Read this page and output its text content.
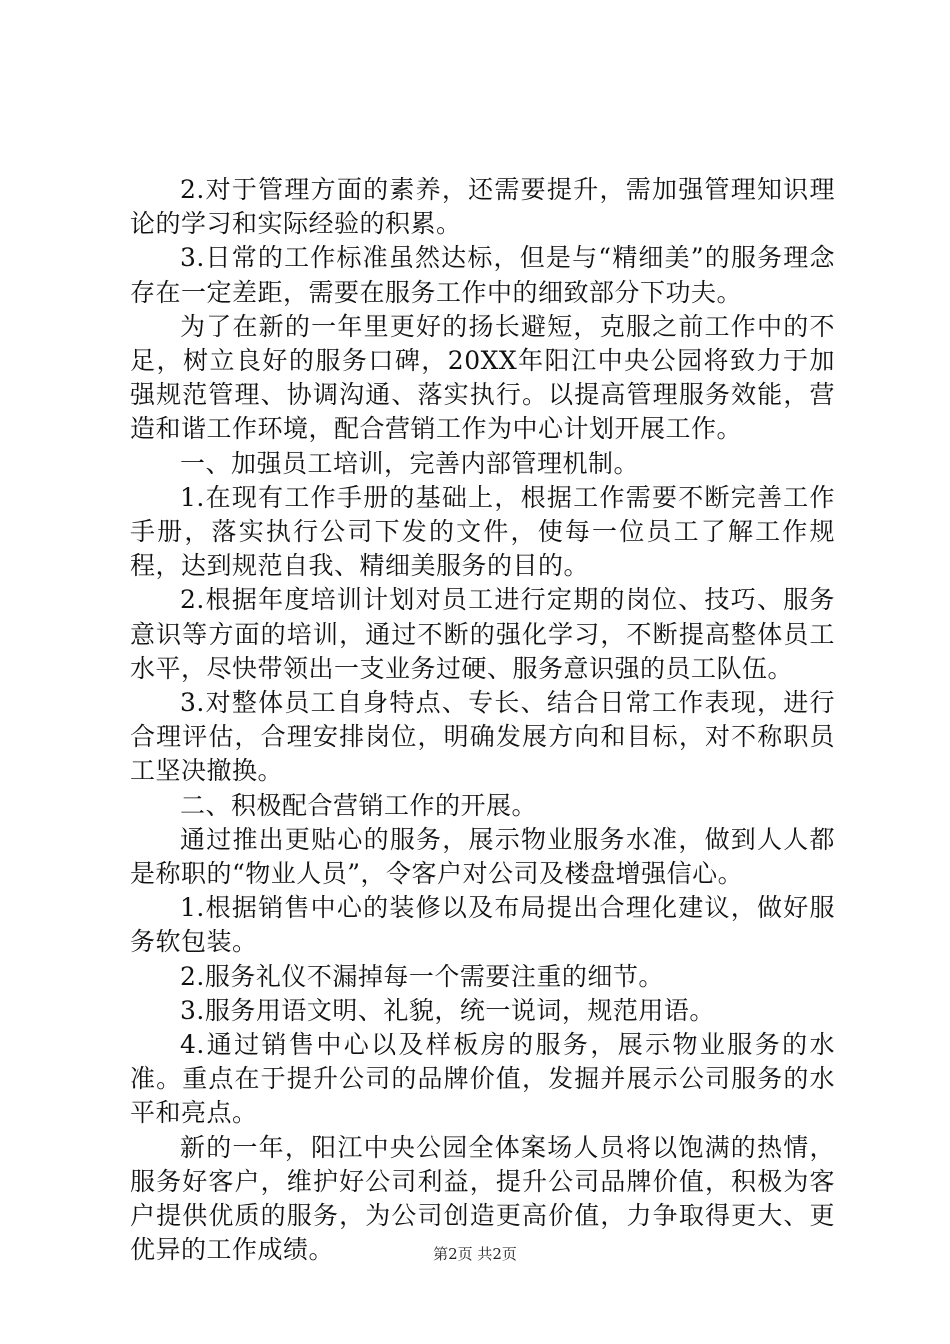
2.对于管理方面的素养，还需要提升，需加强管理知识理论的学习和实际经验的积累。

3.日常的工作标准虽然达标，但是与“精细美”的服务理念存在一定差距，需要在服务工作中的细致部分下功夫。

为了在新的一年里更好的扬长避短，克服之前工作中的不足，树立良好的服务口碑，20XX年阳江中央公园将致力于加强规范管理、协调沟通、落实执行。以提高管理服务效能，营造和谐工作环境，配合营销工作为中心计划开展工作。

一、加强员工培训，完善内部管理机制。

1.在现有工作手册的基础上，根据工作需要不断完善工作手册，落实执行公司下发的文件，使每一位员工了解工作规程，达到规范自我、精细美服务的目的。

2.根据年度培训计划对员工进行定期的岗位、技巧、服务意识等方面的培训，通过不断的强化学习，不断提高整体员工水平，尽快带领出一支业务过硬、服务意识强的员工队伍。

3.对整体员工自身特点、专长、结合日常工作表现，进行合理评估，合理安排岗位，明确发展方向和目标，对不称职员工坚决撤换。

二、积极配合营销工作的开展。

通过推出更贴心的服务，展示物业服务水准，做到人人都是称职的“物业人员”，令客户对公司及楼盘增强信心。

1.根据销售中心的装修以及布局提出合理化建议，做好服务软包装。

2.服务礼仪不漏掉每一个需要注重的细节。

3.服务用语文明、礼貌，统一说词，规范用语。

4.通过销售中心以及样板房的服务，展示物业服务的水准。重点在于提升公司的品牌价值，发掘并展示公司服务的水平和亮点。

新的一年，阳江中央公园全体案场人员将以饱满的热情，服务好客户，维护好公司利益，提升公司品牌价值，积极为客户提供优质的服务，为公司创造更高价值，力争取得更大、更优异的工作成绩。	第2页 共2页
